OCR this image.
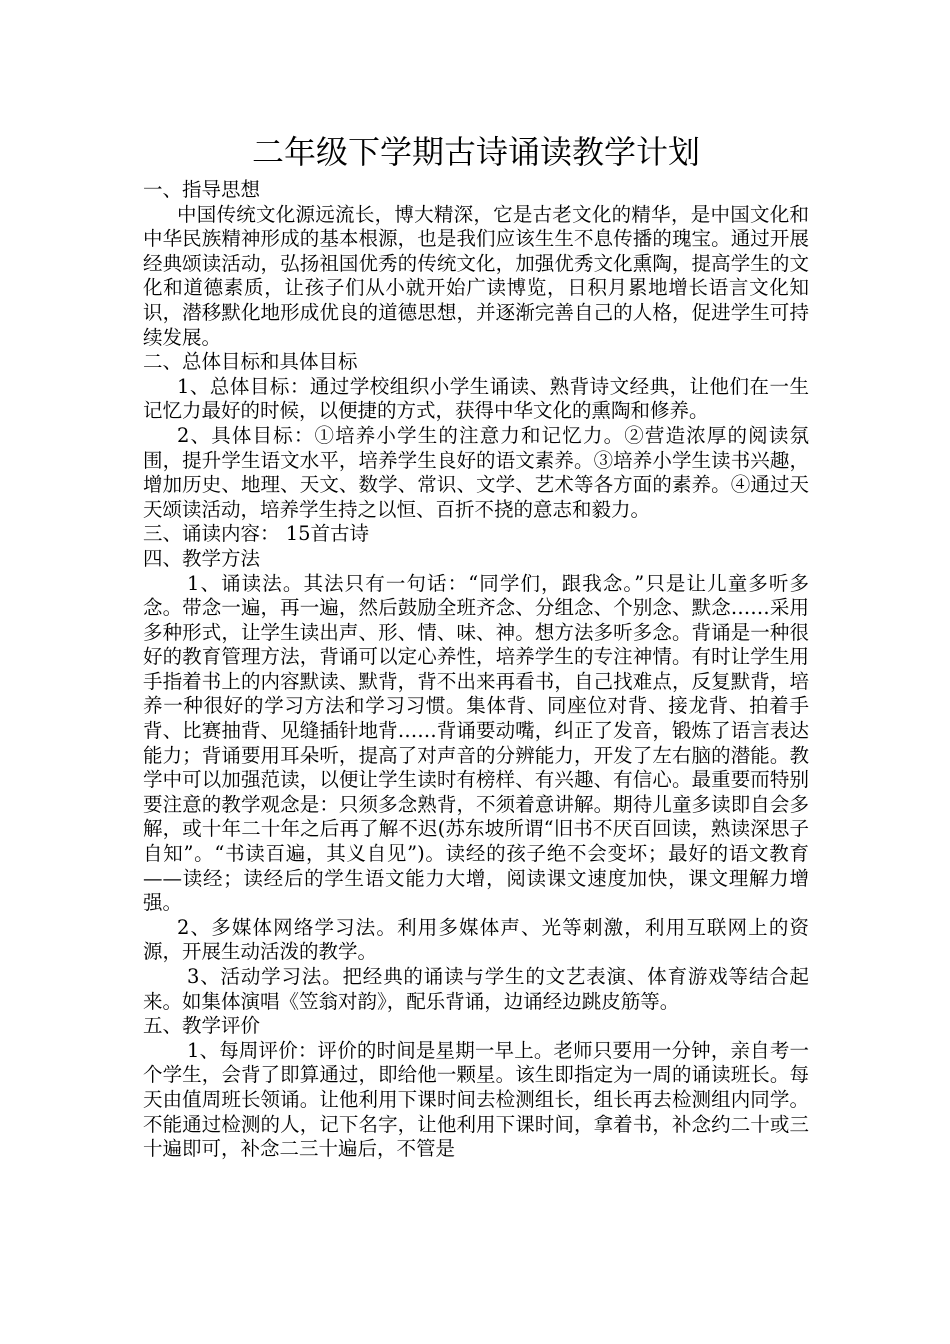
二年级下学期古诗诵读教学计划

一、指导思想

中国传统文化源远流长，博大精深，它是古老文化的精华，是中国文化和中华民族精神形成的基本根源，也是我们应该生生不息传播的瑰宝。通过开展经典颂读活动，弘扬祖国优秀的传统文化，加强优秀文化熏陶，提高学生的文化和道德素质，让孩子们从小就开始广读博览，日积月累地增长语言文化知识，潜移默化地形成优良的道德思想，并逐渐完善自己的人格，促进学生可持续发展。

二、总体目标和具体目标

1、总体目标：通过学校组织小学生诵读、熟背诗文经典，让他们在一生记忆力最好的时候，以便捷的方式，获得中华文化的熏陶和修养。

2、具体目标：①培养小学生的注意力和记忆力。②营造浓厚的阅读氛围，提升学生语文水平，培养学生良好的语文素养。③培养小学生读书兴趣，增加历史、地理、天文、数学、常识、文学、艺术等各方面的素养。④通过天天颂读活动，培养学生持之以恒、百折不挠的意志和毅力。

三、诵读内容： 15首古诗

四、教学方法

1、诵读法。其法只有一句话：“同学们，跟我念。”只是让儿童多听多念。带念一遍，再一遍，然后鼓励全班齐念、分组念、个别念、默念……采用多种形式，让学生读出声、形、情、味、神。想方法多听多念。背诵是一种很好的教育管理方法，背诵可以定心养性，培养学生的专注神情。有时让学生用手指着书上的内容默读、默背，背不出来再看书，自己找难点，反复默背，培养一种很好的学习方法和学习习惯。集体背、同座位对背、接龙背、拍着手背、比赛抽背、见缝插针地背……背诵要动嘴，纠正了发音，锻炼了语言表达能力；背诵要用耳朵听，提高了对声音的分辨能力，开发了左右脑的潜能。教学中可以加强范读，以便让学生读时有榜样、有兴趣、有信心。最重要而特别要注意的教学观念是：只须多念熟背，不须着意讲解。期待儿童多读即自会多解，或十年二十年之后再了解不迟(苏东坡所谓“旧书不厌百回读，熟读深思子自知”。“书读百遍，其义自见”)。读经的孩子绝不会变坏；最好的语文教育——读经；读经后的学生语文能力大增，阅读课文速度加快，课文理解力增强。

2、多媒体网络学习法。利用多媒体声、光等刺激，利用互联网上的资源，开展生动活泼的教学。

3、活动学习法。把经典的诵读与学生的文艺表演、体育游戏等结合起来。如集体演唱《笠翁对韵》，配乐背诵，边诵经边跳皮筋等。

五、教学评价

1、每周评价：评价的时间是星期一早上。老师只要用一分钟，亲自考一个学生，会背了即算通过，即给他一颗星。该生即指定为一周的诵读班长。每天由值周班长领诵。让他利用下课时间去检测组长，组长再去检测组内同学。不能通过检测的人，记下名字，让他利用下课时间，拿着书，补念约二十或三十遍即可，补念二三十遍后，不管是
